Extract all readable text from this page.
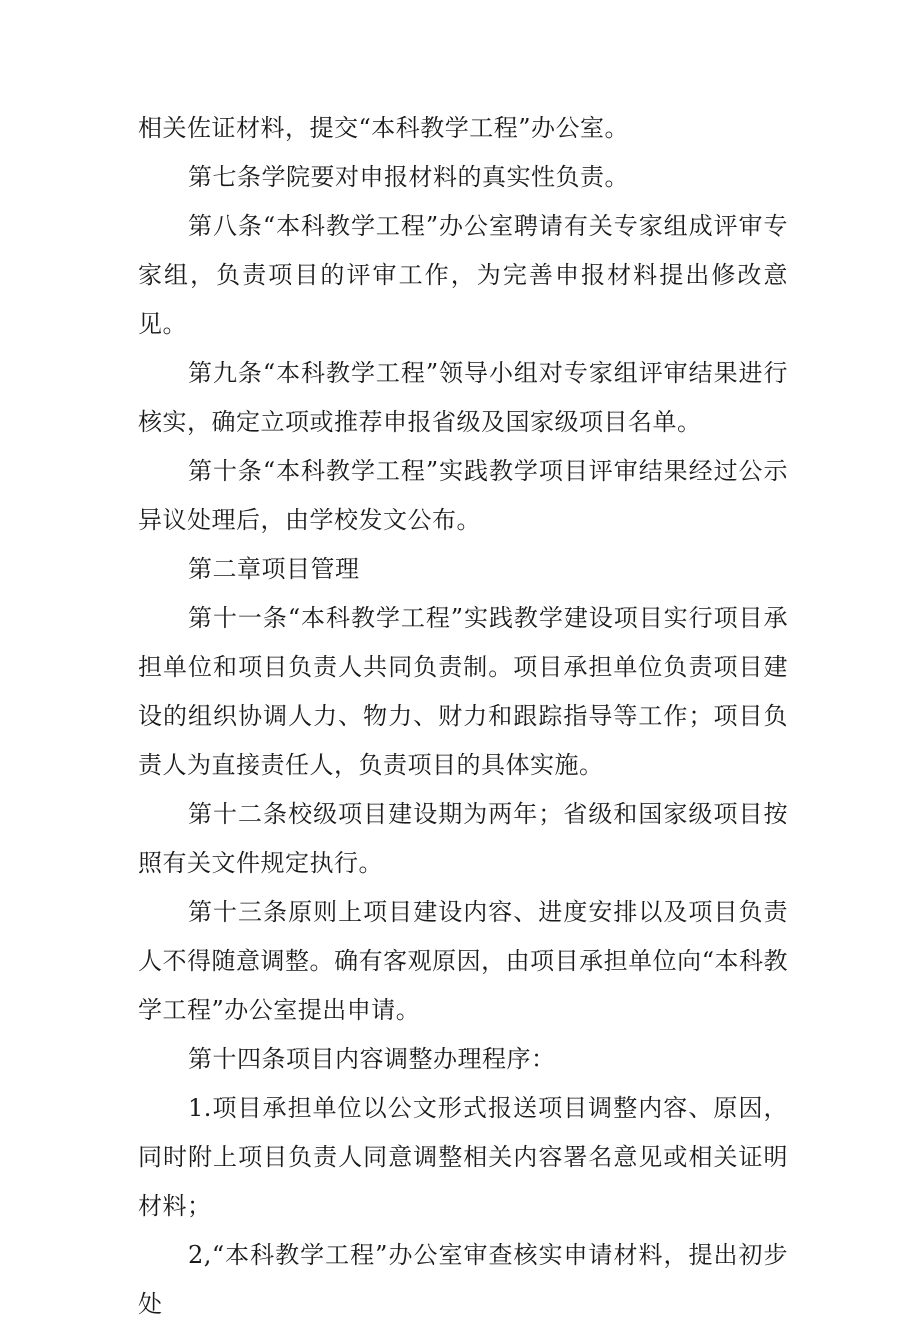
相关佐证材料，提交“本科教学工程”办公室。

第七条学院要对申报材料的真实性负责。

第八条“本科教学工程”办公室聘请有关专家组成评审专家组，负责项目的评审工作，为完善申报材料提出修改意见。

第九条“本科教学工程”领导小组对专家组评审结果进行核实，确定立项或推荐申报省级及国家级项目名单。

第十条“本科教学工程”实践教学项目评审结果经过公示异议处理后，由学校发文公布。

第二章项目管理

第十一条“本科教学工程”实践教学建设项目实行项目承担单位和项目负责人共同负责制。项目承担单位负责项目建设的组织协调人力、物力、财力和跟踪指导等工作；项目负责人为直接责任人，负责项目的具体实施。

第十二条校级项目建设期为两年；省级和国家级项目按照有关文件规定执行。

第十三条原则上项目建设内容、进度安排以及项目负责人不得随意调整。确有客观原因，由项目承担单位向“本科教学工程”办公室提出申请。

第十四条项目内容调整办理程序：

1.项目承担单位以公文形式报送项目调整内容、原因，同时附上项目负责人同意调整相关内容署名意见或相关证明材料；

2,“本科教学工程”办公室审查核实申请材料，提出初步处
